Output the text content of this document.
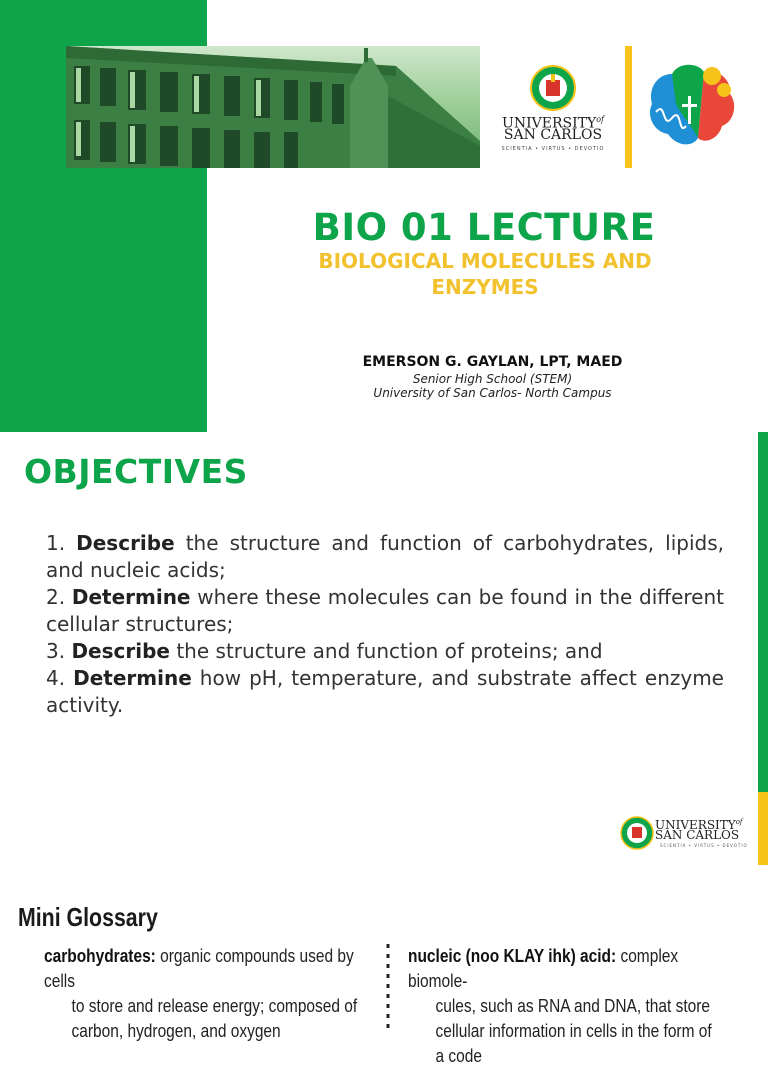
$UNIVERSITY^{of}$
SAN CARLOS
SCIENTIA • VIRTUS • DEVOTIO
BIO 01 LECTURE
BIOLOGICAL MOLECULES AND ENZYMES
EMERSON G. GAYLAN, LPT, MAED
Senior High School (STEM)
University of San Carlos- North Campus
OBJECTIVES

1. Describe the structure and function of carbohydrates, lipids, and nucleic acids;

2. Determine where these molecules can be found in the different cellular structures;

3. Describe the structure and function of proteins; and

4. Determine how pH, temperature, and substrate affect enzyme activity.

$UNIVERSITY^{of}$
SAN CARLOS
SCIENTIA • VIRTUS • DEVOTIO
Mini Glossary
carbohydrates: organic compounds used by cells
to store and release energy; composed of
carbon, hydrogen, and oxygen
nucleic (noo KLAY ihk) acid: complex biomole-
cules, such as RNA and DNA, that store
cellular information in cells in the form of
a code
